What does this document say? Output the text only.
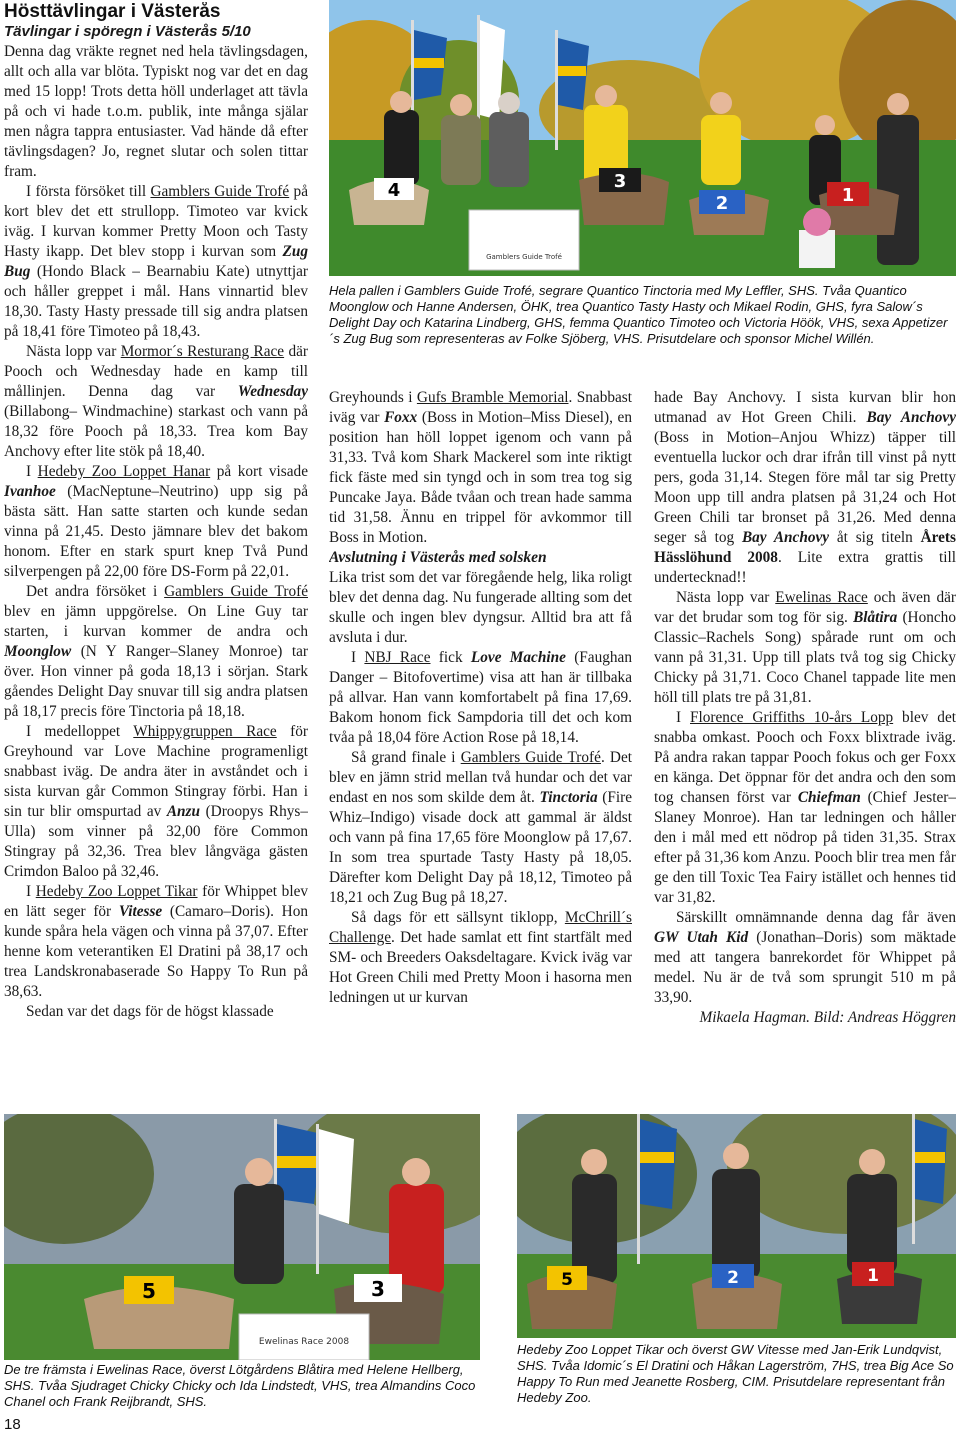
Hösttävlingar i Västerås
Tävlingar i spöregn i Västerås 5/10

Denna dag vräkte regnet ned hela tävlingsdagen, allt och alla var blöta. Typiskt nog var det en dag med 15 lopp! Trots detta höll underlaget att tävla på och vi hade t.o.m. publik, inte många själar men några tappra entusiaster. Vad hände då efter tävlingsdagen? Jo, regnet slutar och solen tittar fram.

I första försöket till Gamblers Guide Trofé på kort blev det ett strullopp. Timoteo var kvick iväg. I kurvan kommer Pretty Moon och Tasty Hasty ikapp. Det blev stopp i kurvan som Zug Bug (Hondo Black – Bearnabiu Kate) utnyttjar och håller greppet i mål. Hans vinnartid blev 18,30. Tasty Hasty pressade till sig andra platsen på 18,41 före Timoteo på 18,43.

Nästa lopp var Mormor´s Resturang Race där Pooch och Wednesday hade en kamp till mållinjen. Denna dag var Wednesday (Billabong– Windmachine) starkast och vann på 18,32 före Pooch på 18,33. Trea kom Bay Anchovy efter lite stök på 18,40.

I Hedeby Zoo Loppet Hanar på kort visade Ivanhoe (MacNeptune–Neutrino) upp sig på bästa sätt. Han satte starten och kunde sedan vinna på 21,45. Desto jämnare blev det bakom honom. Efter en stark spurt knep Två Pund silverpengen på 22,00 före DS-Form på 22,01.

Det andra försöket i Gamblers Guide Trofé blev en jämn uppgörelse. On Line Guy tar starten, i kurvan kommer de andra och Moonglow (N Y Ranger–Slaney Monroe) tar över. Hon vinner på goda 18,13 i sörjan. Stark gåendes Delight Day snuvar till sig andra platsen på 18,17 precis före Tinctoria på 18,18.

I medelloppet Whippygruppen Race för Greyhound var Love Machine programenligt snabbast iväg. De andra äter in avståndet och i sista kurvan går Common Stingray förbi. Han i sin tur blir omspurtad av Anzu (Droopys Rhys–Ulla) som vinner på 32,00 före Common Stingray på 32,36. Trea blev långväga gästen Crimdon Baloo på 32,46.

I Hedeby Zoo Loppet Tikar för Whippet blev en lätt seger för Vitesse (Camaro–Doris). Hon kunde spåra hela vägen och vinna på 37,07. Efter henne kom veterantiken El Dratini på 38,17 och trea Landskronabaserade So Happy To Run på 38,63.

Sedan var det dags för de högst klassade

Gamblers Guide Trofé
4	3
2	1
Hela pallen i Gamblers Guide Trofé, segrare Quantico Tinctoria med My Leffler, SHS. Tvåa Quantico Moonglow och Hanne Andersen, ÖHK, trea Quantico Tasty Hasty och Mikael Rodin, GHS, fyra Salow´s Delight Day och Katarina Lindberg, GHS, femma Quantico Timoteo och Victoria Höök, VHS, sexa Appetizer´s Zug Bug som representeras av Folke Sjöberg, VHS. Prisutdelare och sponsor Michel Willén.

Greyhounds i Gufs Bramble Memorial. Snabbast iväg var Foxx (Boss in Motion–Miss Diesel), en position han höll loppet igenom och vann på 31,33. Två kom Shark Mackerel som inte riktigt fick fäste med sin tyngd och in som trea tog sig Puncake Jaya. Både tvåan och trean hade samma tid 31,58. Ännu en trippel för avkommor till Boss in Motion.

Avslutning i Västerås med solsken

Lika trist som det var föregående helg, lika roligt blev det denna dag. Nu fungerade allting som det skulle och ingen blev dyngsur. Alltid bra att få avsluta i dur.

I NBJ Race fick Love Machine (Faughan Danger – Bitofovertime) visa att han är tillbaka på allvar. Han vann komfortabelt på fina 17,69. Bakom honom fick Sampdoria till det och kom tvåa på 18,04 före Action Rose på 18,14.

Så grand finale i Gamblers Guide Trofé. Det blev en jämn strid mellan två hundar och det var endast en nos som skilde dem åt. Tinctoria (Fire Whiz–Indigo) visade dock att gammal är äldst och vann på fina 17,65 före Moonglow på 17,67. In som trea spurtade Tasty Hasty på 18,05. Därefter kom Delight Day på 18,12, Timoteo på 18,21 och Zug Bug på 18,27.

Så dags för ett sällsynt tiklopp, McChrill´s Challenge. Det hade samlat ett fint startfält med SM- och Breeders Oaksdeltagare. Kvick iväg var Hot Green Chili med Pretty Moon i hasorna men ledningen ut ur kurvan

hade Bay Anchovy. I sista kurvan blir hon utmanad av Hot Green Chili. Bay Anchovy (Boss in Motion–Anjou Whizz) täpper till eventuella luckor och drar ifrån till vinst på nytt pers, goda 31,14. Stegen före mål tar sig Pretty Moon upp till andra platsen på 31,24 och Hot Green Chili tar bronset på 31,26. Med denna seger så tog Bay Anchovy åt sig titeln Årets Hässlöhund 2008. Lite extra grattis till undertecknad!!

Nästa lopp var Ewelinas Race och även där var det brudar som tog för sig. Blåtira (Honcho Classic–Rachels Song) spårade runt om och vann på 31,31. Upp till plats två tog sig Chicky Chicky på 31,71. Coco Chanel tappade lite men höll till plats tre på 31,81.

I Florence Griffiths 10-års Lopp blev det snabba omkast. Pooch och Foxx blixtrade iväg. På andra rakan tappar Pooch fokus och ger Foxx en känga. Det öppnar för det andra och den som tog chansen först var Chiefman (Chief Jester–Slaney Monroe). Han tar ledningen och håller den i mål med ett nödrop på tiden 31,35. Strax efter på 31,36 kom Anzu. Pooch blir trea men får ge den till Toxic Tea Fairy istället och hennes tid var 31,82.

Särskillt omnämnande denna dag får även GW Utah Kid (Jonathan–Doris) som mäktade med att tangera banrekordet för Whippet på medel. Nu är de två som sprungit 510 m på 33,90.

Mikaela Hagman. Bild: Andreas Höggren

5	3
Ewelinas Race 2008
5	2	1
De tre främsta i Ewelinas Race, överst Lötgårdens Blåtira med Helene Hellberg, SHS. Tvåa Sjudraget Chicky Chicky och Ida Lindstedt, VHS, trea Almandins Coco Chanel och Frank Reijbrandt, SHS.
Hedeby Zoo Loppet Tikar och överst GW Vitesse med Jan-Erik Lundqvist, SHS. Tvåa Idomic´s El Dratini och Håkan Lagerström, 7HS, trea Big Ace So Happy To Run med Jeanette Rosberg, CIM. Prisutdelare representant från Hedeby Zoo.
18
